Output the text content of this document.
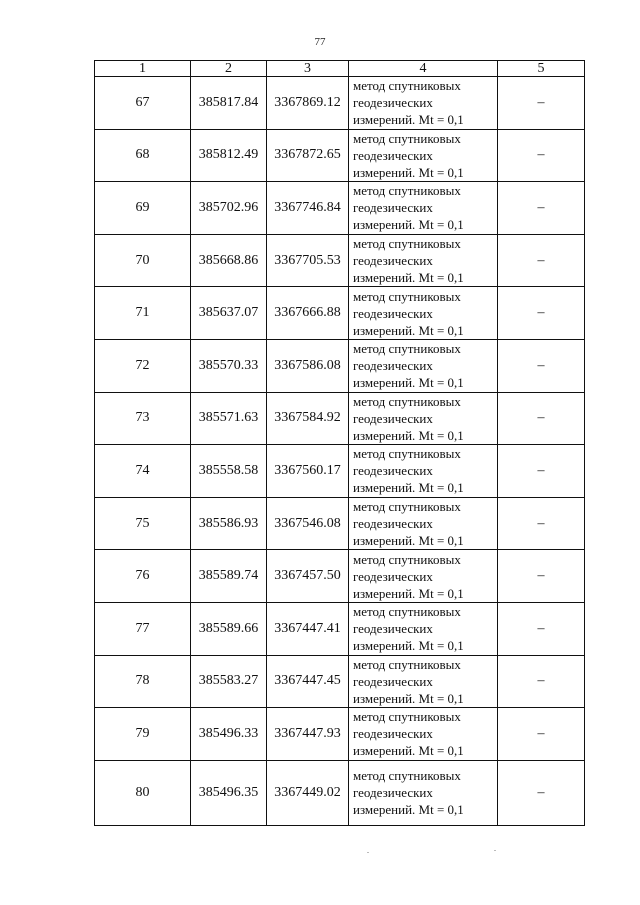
77
1	2	3	4	5
67	385817.84	3367869.12	метод спутниковых
геодезических
измерений. Mt = 0,1	–
68	385812.49	3367872.65	метод спутниковых
геодезических
измерений. Mt = 0,1	–
69	385702.96	3367746.84	метод спутниковых
геодезических
измерений. Mt = 0,1	–
70	385668.86	3367705.53	метод спутниковых
геодезических
измерений. Mt = 0,1	–
71	385637.07	3367666.88	метод спутниковых
геодезических
измерений. Mt = 0,1	–
72	385570.33	3367586.08	метод спутниковых
геодезических
измерений. Mt = 0,1	–
73	385571.63	3367584.92	метод спутниковых
геодезических
измерений. Mt = 0,1	–
74	385558.58	3367560.17	метод спутниковых
геодезических
измерений. Mt = 0,1	–
75	385586.93	3367546.08	метод спутниковых
геодезических
измерений. Mt = 0,1	–
76	385589.74	3367457.50	метод спутниковых
геодезических
измерений. Mt = 0,1	–
77	385589.66	3367447.41	метод спутниковых
геодезических
измерений. Mt = 0,1	–
78	385583.27	3367447.45	метод спутниковых
геодезических
измерений. Mt = 0,1	–
79	385496.33	3367447.93	метод спутниковых
геодезических
измерений. Mt = 0,1	–
80	385496.35	3367449.02	метод спутниковых
геодезических
измерений. Mt = 0,1	–
